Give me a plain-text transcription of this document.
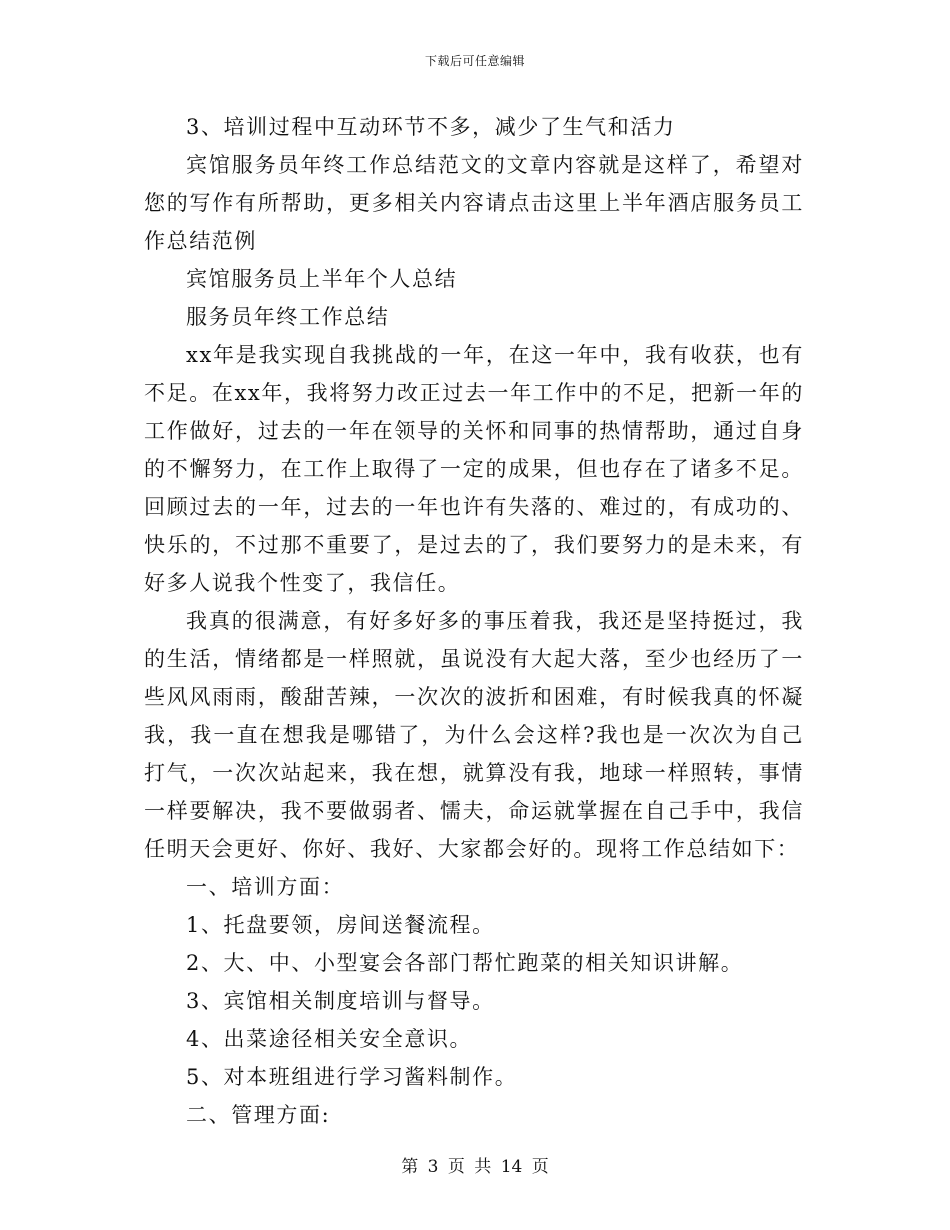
下载后可任意编辑

3、培训过程中互动环节不多，减少了生气和活力

宾馆服务员年终工作总结范文的文章内容就是这样了，希望对您的写作有所帮助，更多相关内容请点击这里上半年酒店服务员工作总结范例

宾馆服务员上半年个人总结

服务员年终工作总结

xx年是我实现自我挑战的一年，在这一年中，我有收获，也有不足。在xx年，我将努力改正过去一年工作中的不足，把新一年的工作做好，过去的一年在领导的关怀和同事的热情帮助，通过自身的不懈努力，在工作上取得了一定的成果，但也存在了诸多不足。回顾过去的一年，过去的一年也许有失落的、难过的，有成功的、快乐的，不过那不重要了，是过去的了，我们要努力的是未来，有好多人说我个性变了，我信任。

我真的很满意，有好多好多的事压着我，我还是坚持挺过，我的生活，情绪都是一样照就，虽说没有大起大落，至少也经历了一些风风雨雨，酸甜苦辣，一次次的波折和困难，有时候我真的怀凝我，我一直在想我是哪错了，为什么会这样?我也是一次次为自己打气，一次次站起来，我在想，就算没有我，地球一样照转，事情一样要解决，我不要做弱者、懦夫，命运就掌握在自己手中，我信任明天会更好、你好、我好、大家都会好的。现将工作总结如下：

一、培训方面：

1、托盘要领，房间送餐流程。

2、大、中、小型宴会各部门帮忙跑菜的相关知识讲解。

3、宾馆相关制度培训与督导。

4、出菜途径相关安全意识。

5、对本班组进行学习酱料制作。

二、管理方面:

第 3 页 共 14 页
